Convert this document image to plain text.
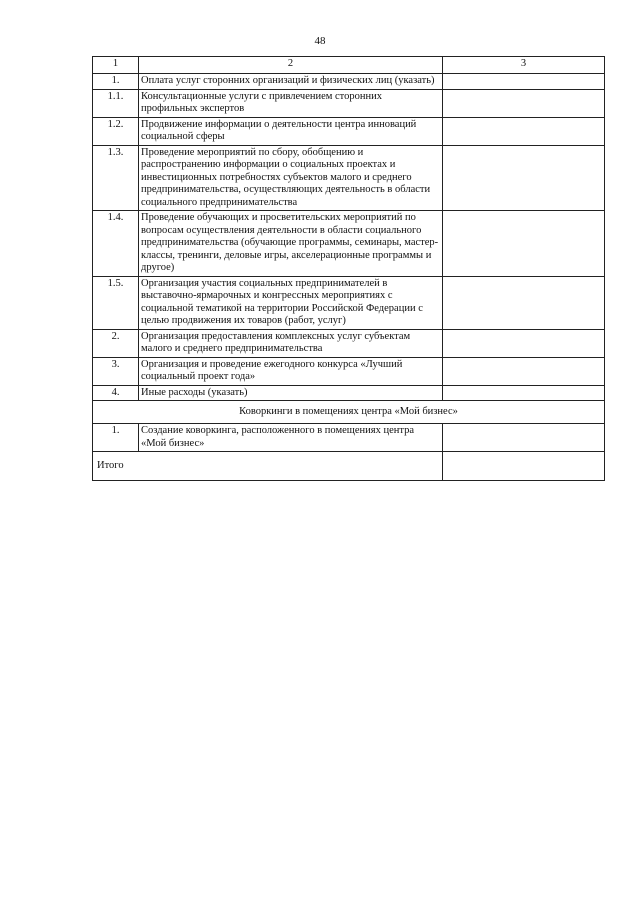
48
1	2	3
1.	Оплата услуг сторонних организаций и физических лиц (указать)	
1.1.	Консультационные услуги с привлечением сторонних профильных экспертов	
1.2.	Продвижение информации о деятельности центра инноваций социальной сферы	
1.3.	Проведение мероприятий по сбору, обобщению и распространению информации о социальных проектах и инвестиционных потребностях субъектов малого и среднего предпринимательства, осуществляющих деятельность в области социального предпринимательства	
1.4.	Проведение обучающих и просветительских мероприятий по вопросам осуществления деятельности в области социального предпринимательства (обучающие программы, семинары, мастер-классы, тренинги, деловые игры, акселерационные программы и другое)	
1.5.	Организация участия социальных предпринимателей в выставочно-ярмарочных и конгрессных мероприятиях с социальной тематикой на территории Российской Федерации с целью продвижения их товаров (работ, услуг)	
2.	Организация предоставления комплексных услуг субъектам малого и среднего предпринимательства	
3.	Организация и проведение ежегодного конкурса «Лучший социальный проект года»	
4.	Иные расходы (указать)	
Коворкинги в помещениях центра «Мой бизнес»		
1.	Создание коворкинга, расположенного в помещениях центра «Мой бизнес»	
Итого		
